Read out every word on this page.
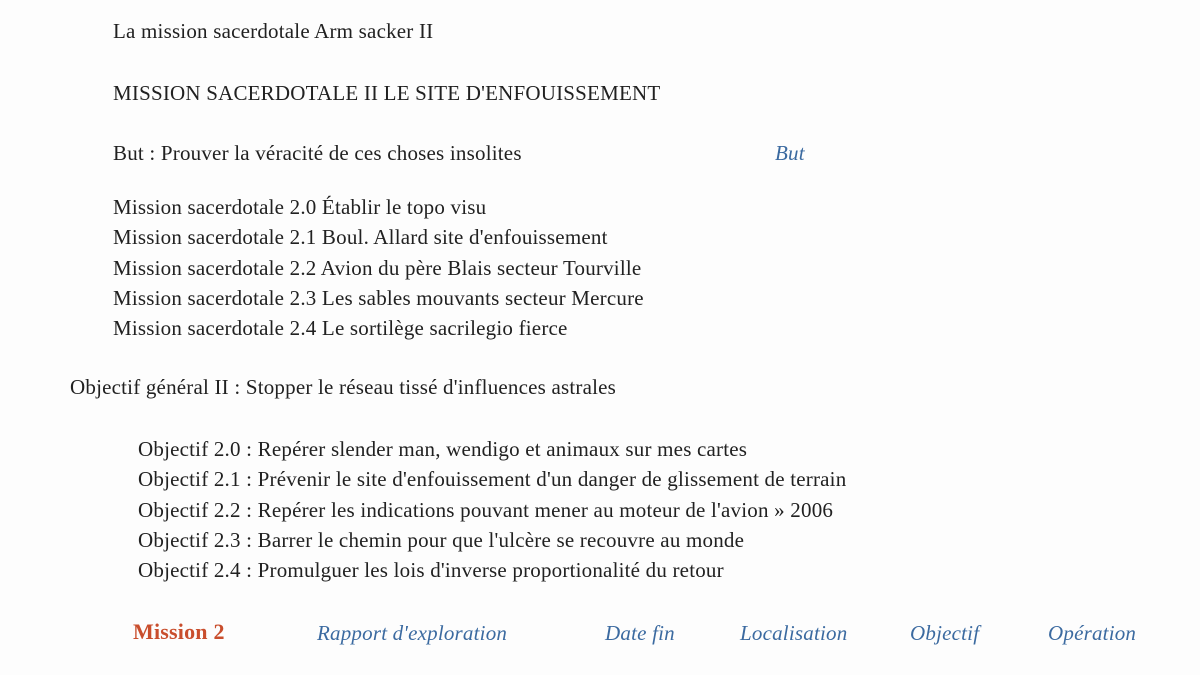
La mission sacerdotale Arm sacker II
MISSION SACERDOTALE II LE SITE D'ENFOUISSEMENT
But : Prouver la véracité de ces choses insolites	But
Mission sacerdotale 2.0 Établir le topo visu
Mission sacerdotale 2.1 Boul. Allard site d'enfouissement
Mission sacerdotale 2.2 Avion du père Blais secteur Tourville
Mission sacerdotale 2.3 Les sables mouvants secteur Mercure
Mission sacerdotale 2.4 Le sortilège sacrilegio fierce
Objectif général II : Stopper le réseau tissé d'influences astrales
Objectif 2.0 : Repérer slender man, wendigo et animaux sur mes cartes
Objectif 2.1 : Prévenir le site d'enfouissement d'un danger de glissement de terrain
Objectif 2.2 : Repérer les indications pouvant mener au moteur de l'avion » 2006
Objectif 2.3 : Barrer le chemin pour que l'ulcère se recouvre au monde
Objectif 2.4 : Promulguer les lois d'inverse proportionalité du retour
Mission 2	Rapport d'exploration	Date fin	Localisation	Objectif	Opération
